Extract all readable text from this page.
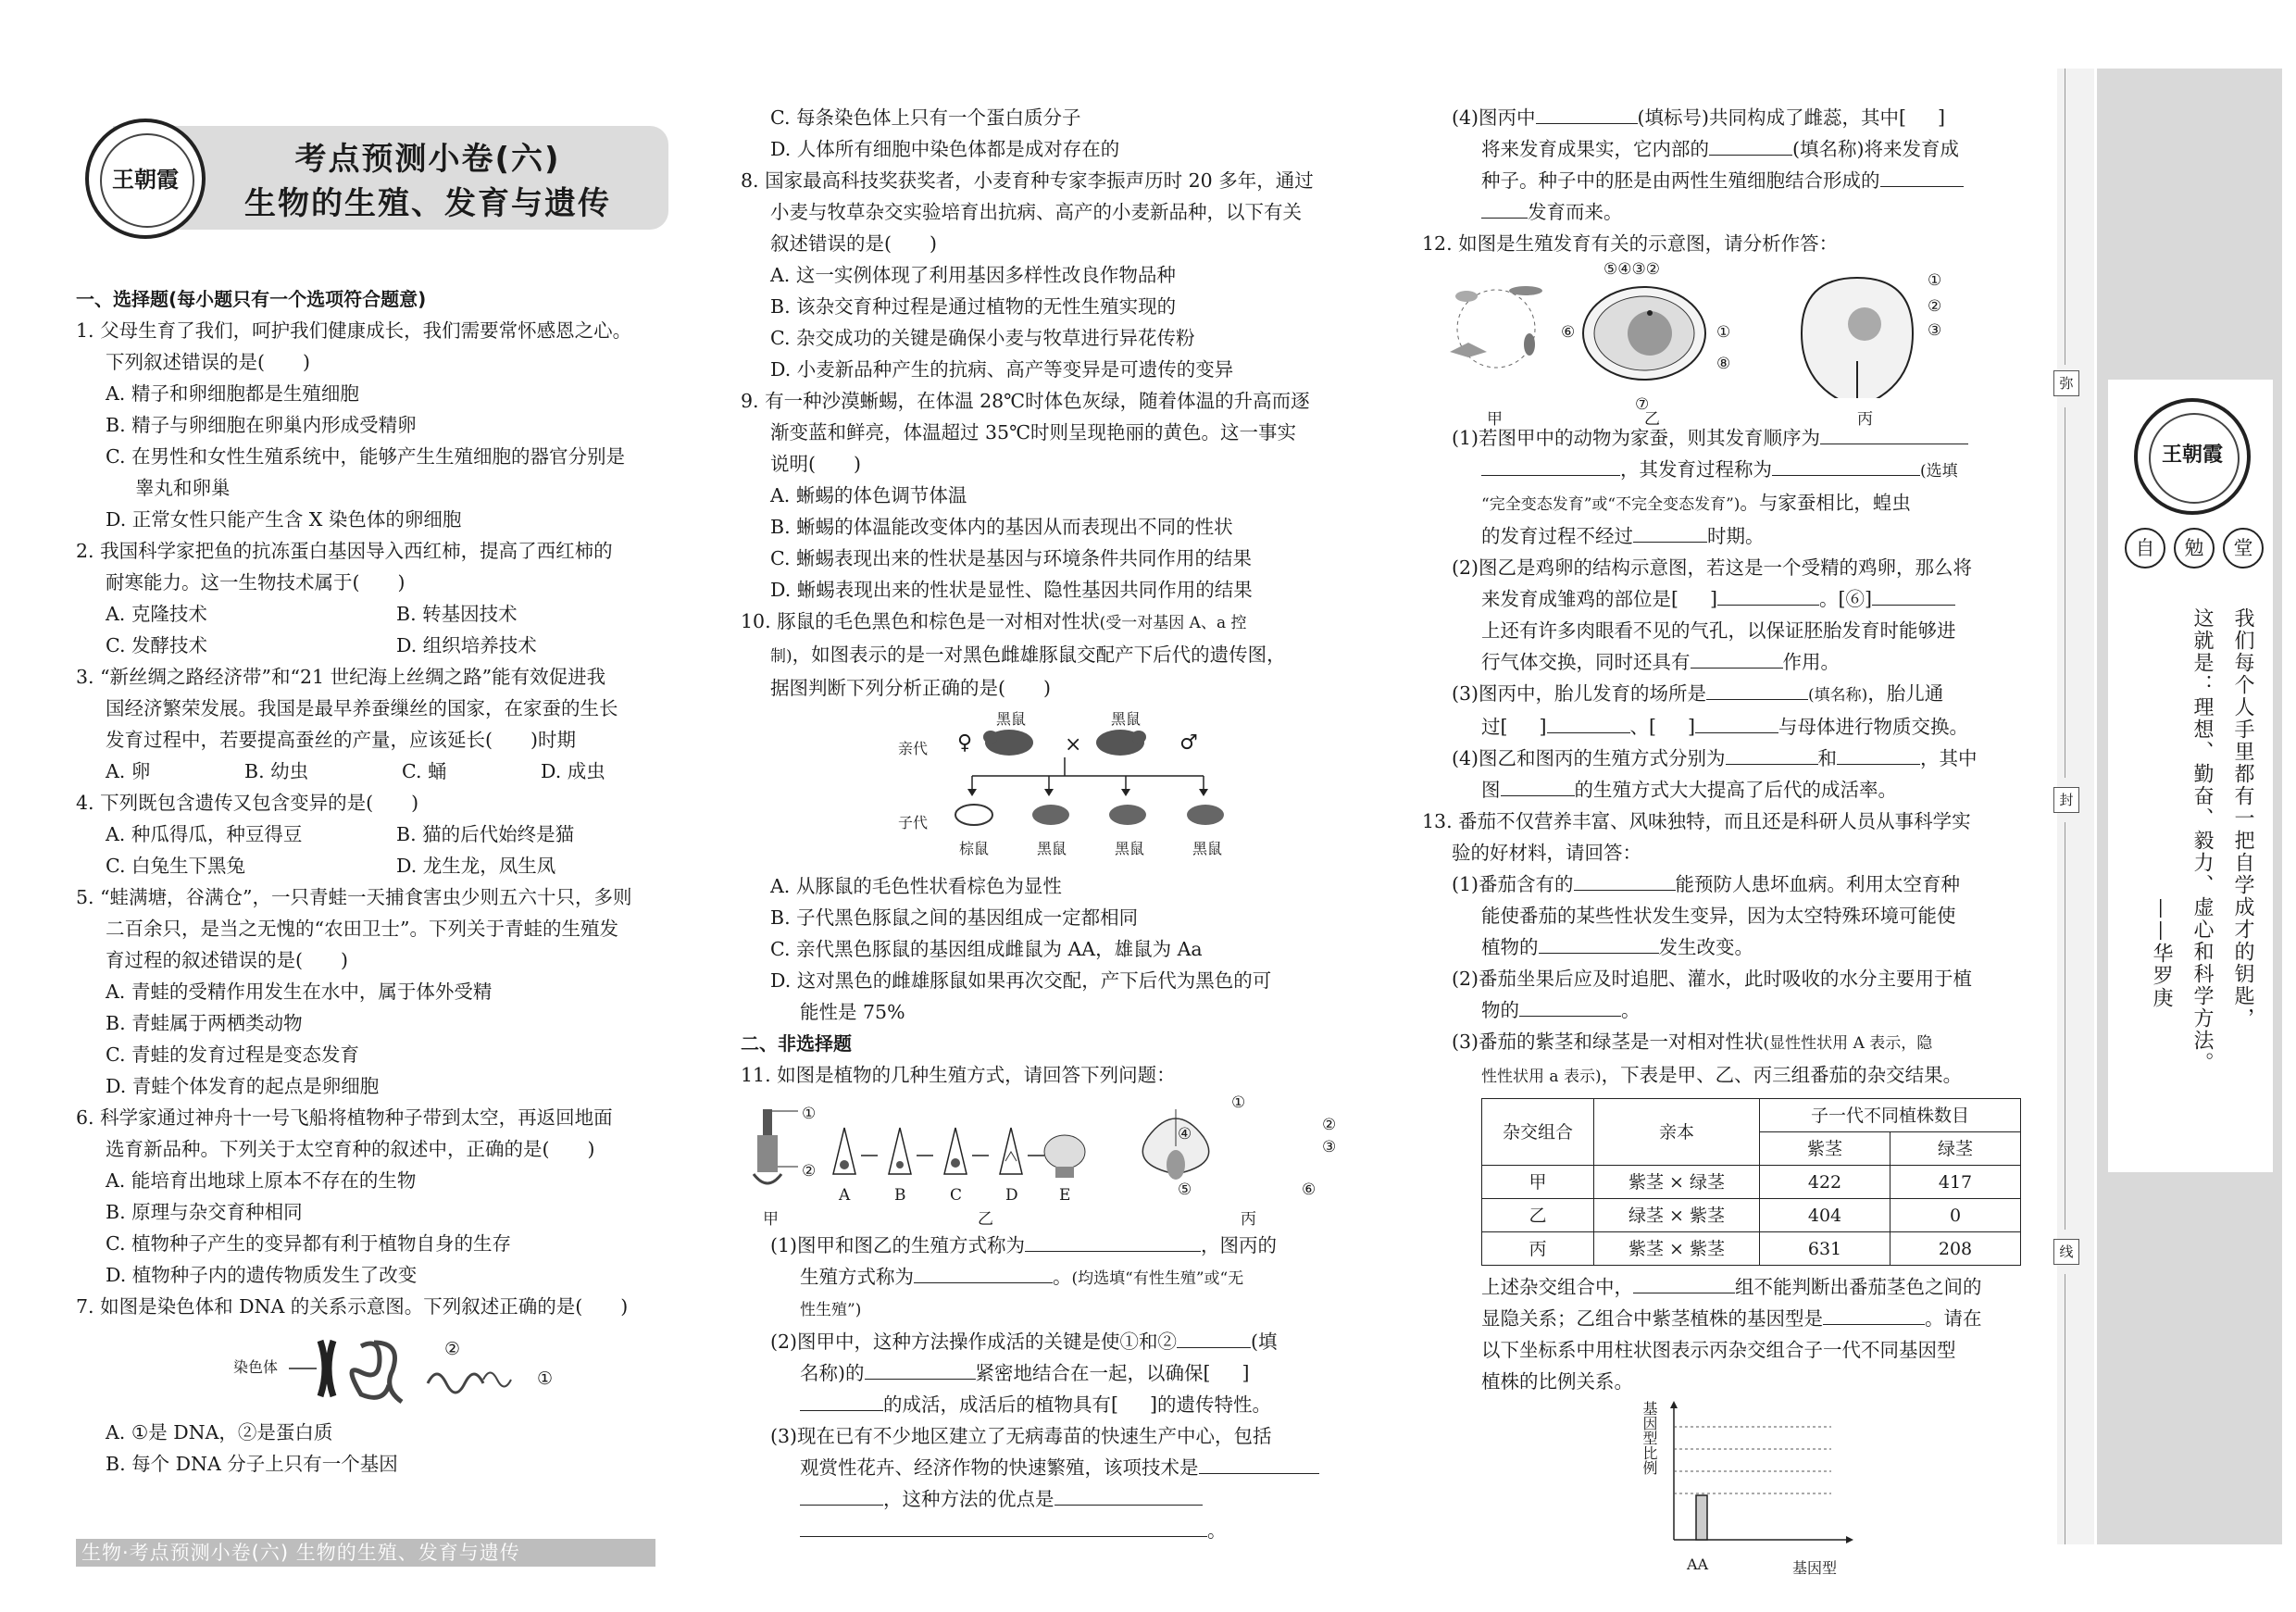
王朝霞
考点预测小卷(六)
生物的生殖、发育与遗传

一、选择题(每小题只有一个选项符合题意)

1. 父母生育了我们，呵护我们健康成长，我们需要常怀感恩之心。

下列叙述错误的是(　　)

A. 精子和卵细胞都是生殖细胞

B. 精子与卵细胞在卵巢内形成受精卵

C. 在男性和女性生殖系统中，能够产生生殖细胞的器官分别是

睾丸和卵巢

D. 正常女性只能产生含 X 染色体的卵细胞

2. 我国科学家把鱼的抗冻蛋白基因导入西红柿，提高了西红柿的

耐寒能力。这一生物技术属于(　　)

A. 克隆技术	B. 转基因技术

C. 发酵技术	D. 组织培养技术

3. “新丝绸之路经济带”和“21 世纪海上丝绸之路”能有效促进我

国经济繁荣发展。我国是最早养蚕缫丝的国家，在家蚕的生长

发育过程中，若要提高蚕丝的产量，应该延长(　　)时期

A. 卵	B. 幼虫	C. 蛹	D. 成虫

4. 下列既包含遗传又包含变异的是(　　)

A. 种瓜得瓜，种豆得豆	B. 猫的后代始终是猫

C. 白兔生下黑兔	D. 龙生龙，凤生凤

5. “蛙满塘，谷满仓”，一只青蛙一天捕食害虫少则五六十只，多则

二百余只，是当之无愧的“农田卫士”。下列关于青蛙的生殖发

育过程的叙述错误的是(　　)

A. 青蛙的受精作用发生在水中，属于体外受精

B. 青蛙属于两栖类动物

C. 青蛙的发育过程是变态发育

D. 青蛙个体发育的起点是卵细胞

6. 科学家通过神舟十一号飞船将植物种子带到太空，再返回地面

选育新品种。下列关于太空育种的叙述中，正确的是(　　)

A. 能培育出地球上原本不存在的生物

B. 原理与杂交育种相同

C. 植物种子产生的变异都有利于植物自身的生存

D. 植物种子内的遗传物质发生了改变

7. 如图是染色体和 DNA 的关系示意图。下列叙述正确的是(　　)

染色体
②
①

A. ①是 DNA，②是蛋白质

B. 每个 DNA 分子上只有一个基因

C. 每条染色体上只有一个蛋白质分子

D. 人体所有细胞中染色体都是成对存在的

8. 国家最高科技奖获奖者，小麦育种专家李振声历时 20 多年，通过

小麦与牧草杂交实验培育出抗病、高产的小麦新品种，以下有关

叙述错误的是(　　)

A. 这一实例体现了利用基因多样性改良作物品种

B. 该杂交育种过程是通过植物的无性生殖实现的

C. 杂交成功的关键是确保小麦与牧草进行异花传粉

D. 小麦新品种产生的抗病、高产等变异是可遗传的变异

9. 有一种沙漠蜥蜴，在体温 28℃时体色灰绿，随着体温的升高而逐

渐变蓝和鲜亮，体温超过 35℃时则呈现艳丽的黄色。这一事实

说明(　　)

A. 蜥蜴的体色调节体温

B. 蜥蜴的体温能改变体内的基因从而表现出不同的性状

C. 蜥蜴表现出来的性状是基因与环境条件共同作用的结果

D. 蜥蜴表现出来的性状是显性、隐性基因共同作用的结果

10. 豚鼠的毛色黑色和棕色是一对相对性状(受一对基因 A、a 控

制)，如图表示的是一对黑色雌雄豚鼠交配产下后代的遗传图，

据图判断下列分析正确的是(　　)

亲代
子代
黑鼠	黑鼠
♀	×	♂
棕鼠	黑鼠	黑鼠	黑鼠

A. 从豚鼠的毛色性状看棕色为显性

B. 子代黑色豚鼠之间的基因组成一定都相同

C. 亲代黑色豚鼠的基因组成雌鼠为 AA，雄鼠为 Aa

D. 这对黑色的雌雄豚鼠如果再次交配，产下后代为黑色的可

能性是 75%

二、非选择题

11. 如图是植物的几种生殖方式，请回答下列问题：

①
②
A	B	C	D	E
①
②
③
④
⑤	⑥
甲	乙	丙

(1)图甲和图乙的生殖方式称为	，图丙的

生殖方式称为	。(均选填“有性生殖”或“无

性生殖”)

(2)图甲中，这种方法操作成活的关键是使①和②	(填

名称)的	紧密地结合在一起，以确保[ ]

的成活，成活后的植物具有[ ]的遗传特性。

(3)现在已有不少地区建立了无病毒苗的快速生产中心，包括

观赏性花卉、经济作物的快速繁殖，该项技术是

，这种方法的优点是

。

(4)图丙中	(填标号)共同构成了雌蕊，其中[ ]

将来发育成果实，它内部的	(填名称)将来发育成

种子。种子中的胚是由两性生殖细胞结合形成的

发育而来。

12. 如图是生殖发育有关的示意图，请分析作答：

⑤④③②
⑥	①
⑧
⑦
①
②
③
甲	乙	丙

(1)若图甲中的动物为家蚕，则其发育顺序为

，其发育过程称为	(选填

“完全变态发育”或“不完全变态发育”)。与家蚕相比，蝗虫

的发育过程不经过	时期。

(2)图乙是鸡卵的结构示意图，若这是一个受精的鸡卵，那么将

来发育成雏鸡的部位是[ ]	。[⑥]

上还有许多肉眼看不见的气孔，以保证胚胎发育时能够进

行气体交换，同时还具有	作用。

(3)图丙中，胎儿发育的场所是	(填名称)，胎儿通

过[ ]	、[ ]	与母体进行物质交换。

(4)图乙和图丙的生殖方式分别为	和	，其中

图	的生殖方式大大提高了后代的成活率。

13. 番茄不仅营养丰富、风味独特，而且还是科研人员从事科学实

验的好材料，请回答：

(1)番茄含有的	能预防人患坏血病。利用太空育种

能使番茄的某些性状发生变异，因为太空特殊环境可能使

植物的	发生改变。

(2)番茄坐果后应及时追肥、灌水，此时吸收的水分主要用于植

物的	。

(3)番茄的紫茎和绿茎是一对相对性状(显性性状用 A 表示，隐

性性状用 a 表示)，下表是甲、乙、丙三组番茄的杂交结果。

杂交组合	亲本	子一代不同植株数目	
		紫茎	绿茎
甲	紫茎 × 绿茎	422	417
乙	绿茎 × 紫茎	404	0
丙	紫茎 × 紫茎	631	208

上述杂交组合中，	组不能判断出番茄茎色之间的

显隐关系；乙组合中紫茎植株的基因型是	。请在

以下坐标系中用柱状图表示丙杂交组合子一代不同基因型

植株的比例关系。

基因型比例
AA	基因型
生物·考点预测小卷(六) 生物的生殖、发育与遗传
弥
封
线
王朝霞
自	勉	堂
我们每个人手里都有一把自学成才的钥匙，
这就是：理想、勤奋、毅力、虚心和科学方法。
——华罗庚
